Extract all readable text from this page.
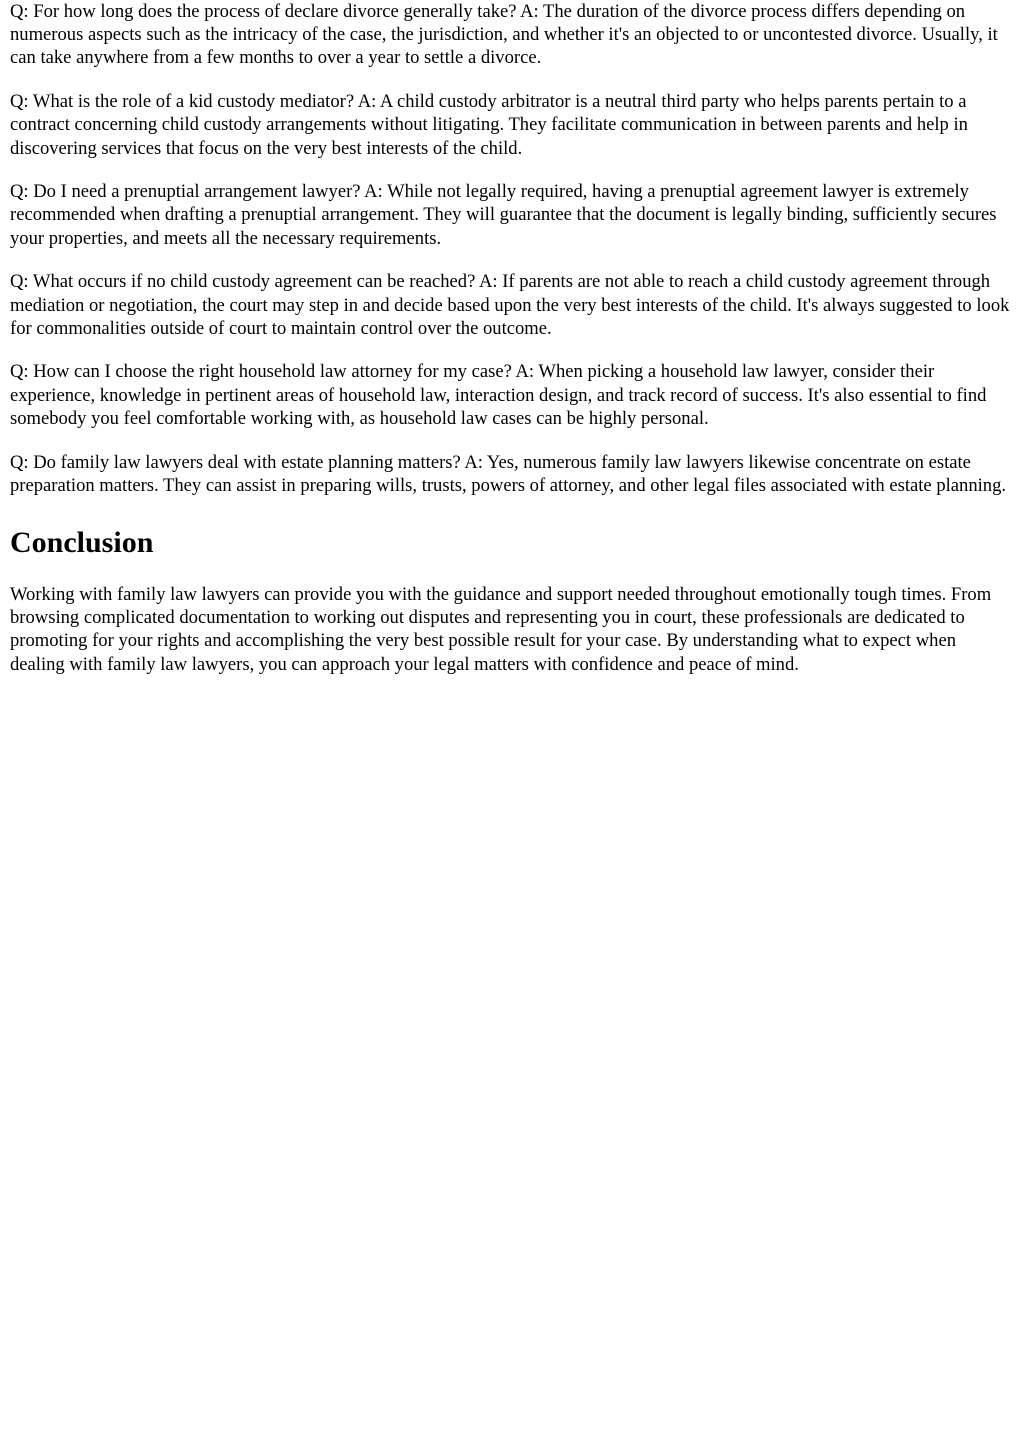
Q: For how long does the process of declare divorce generally take? A: The duration of the divorce process differs depending on numerous aspects such as the intricacy of the case, the jurisdiction, and whether it's an objected to or uncontested divorce. Usually, it can take anywhere from a few months to over a year to settle a divorce.

Q: What is the role of a kid custody mediator? A: A child custody arbitrator is a neutral third party who helps parents pertain to a contract concerning child custody arrangements without litigating. They facilitate communication in between parents and help in discovering services that focus on the very best interests of the child.

Q: Do I need a prenuptial arrangement lawyer? A: While not legally required, having a prenuptial agreement lawyer is extremely recommended when drafting a prenuptial arrangement. They will guarantee that the document is legally binding, sufficiently secures your properties, and meets all the necessary requirements.

Q: What occurs if no child custody agreement can be reached? A: If parents are not able to reach a child custody agreement through mediation or negotiation, the court may step in and decide based upon the very best interests of the child. It's always suggested to look for commonalities outside of court to maintain control over the outcome.

Q: How can I choose the right household law attorney for my case? A: When picking a household law lawyer, consider their experience, knowledge in pertinent areas of household law, interaction design, and track record of success. It's also essential to find somebody you feel comfortable working with, as household law cases can be highly personal.

Q: Do family law lawyers deal with estate planning matters? A: Yes, numerous family law lawyers likewise concentrate on estate preparation matters. They can assist in preparing wills, trusts, powers of attorney, and other legal files associated with estate planning.

Conclusion

Working with family law lawyers can provide you with the guidance and support needed throughout emotionally tough times. From browsing complicated documentation to working out disputes and representing you in court, these professionals are dedicated to promoting for your rights and accomplishing the very best possible result for your case. By understanding what to expect when dealing with family law lawyers, you can approach your legal matters with confidence and peace of mind.
